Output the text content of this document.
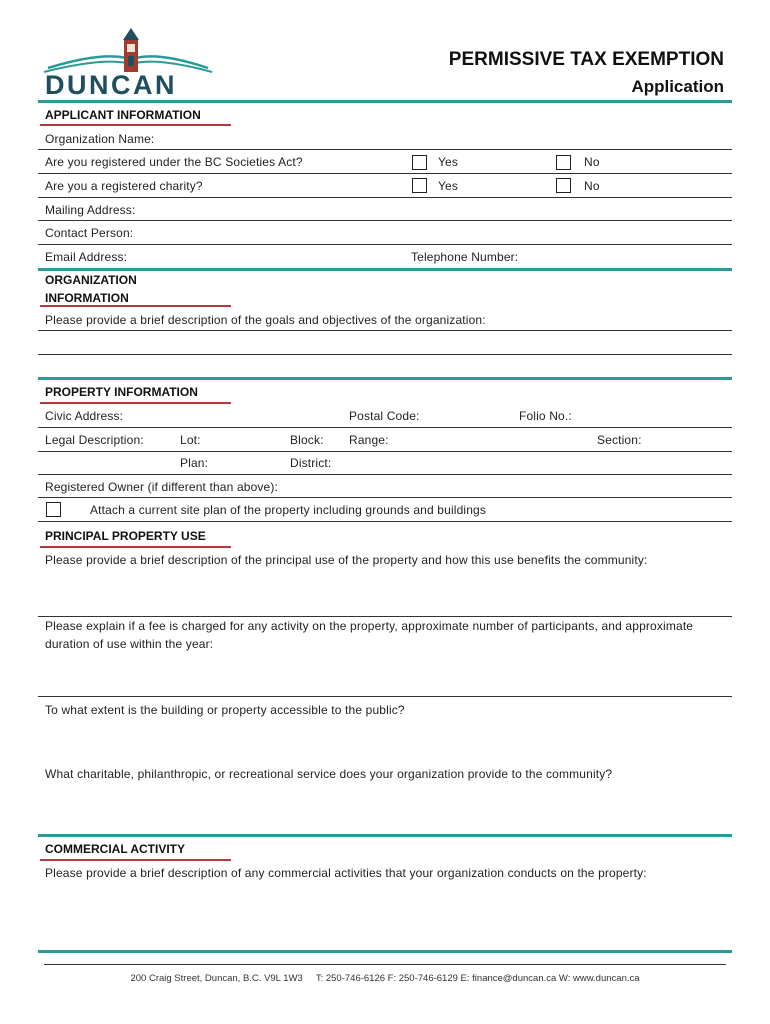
DUNCAN
PERMISSIVE TAX EXEMPTION
Application
APPLICANT INFORMATION
Organization Name:
Are you registered under the BC Societies Act?	Yes	No
Are you a registered charity?	Yes	No
Mailing Address:
Contact Person:
Email Address:	Telephone Number:
ORGANIZATION
INFORMATION
Please provide a brief description of the goals and objectives of the organization:
PROPERTY INFORMATION
Civic Address:	Postal Code:	Folio No.:
Legal Description:	Lot:	Block: Range:	Section:
Plan:	District:
Registered Owner (if different than above):
Attach a current site plan of the property including grounds and buildings
PRINCIPAL PROPERTY USE
Please provide a brief description of the principal use of the property and how this use benefits the community:
Please explain if a fee is charged for any activity on the property, approximate number of participants, and approximate
duration of use within the year:
To what extent is the building or property accessible to the public?
What charitable, philanthropic, or recreational service does your organization provide to the community?
COMMERCIAL ACTIVITY
Please provide a brief description of any commercial activities that your organization conducts on the property:
200 Craig Street, Duncan, B.C. V9L 1W3 T: 250-746-6126 F: 250-746-6129 E: finance@duncan.ca W: www.duncan.ca
